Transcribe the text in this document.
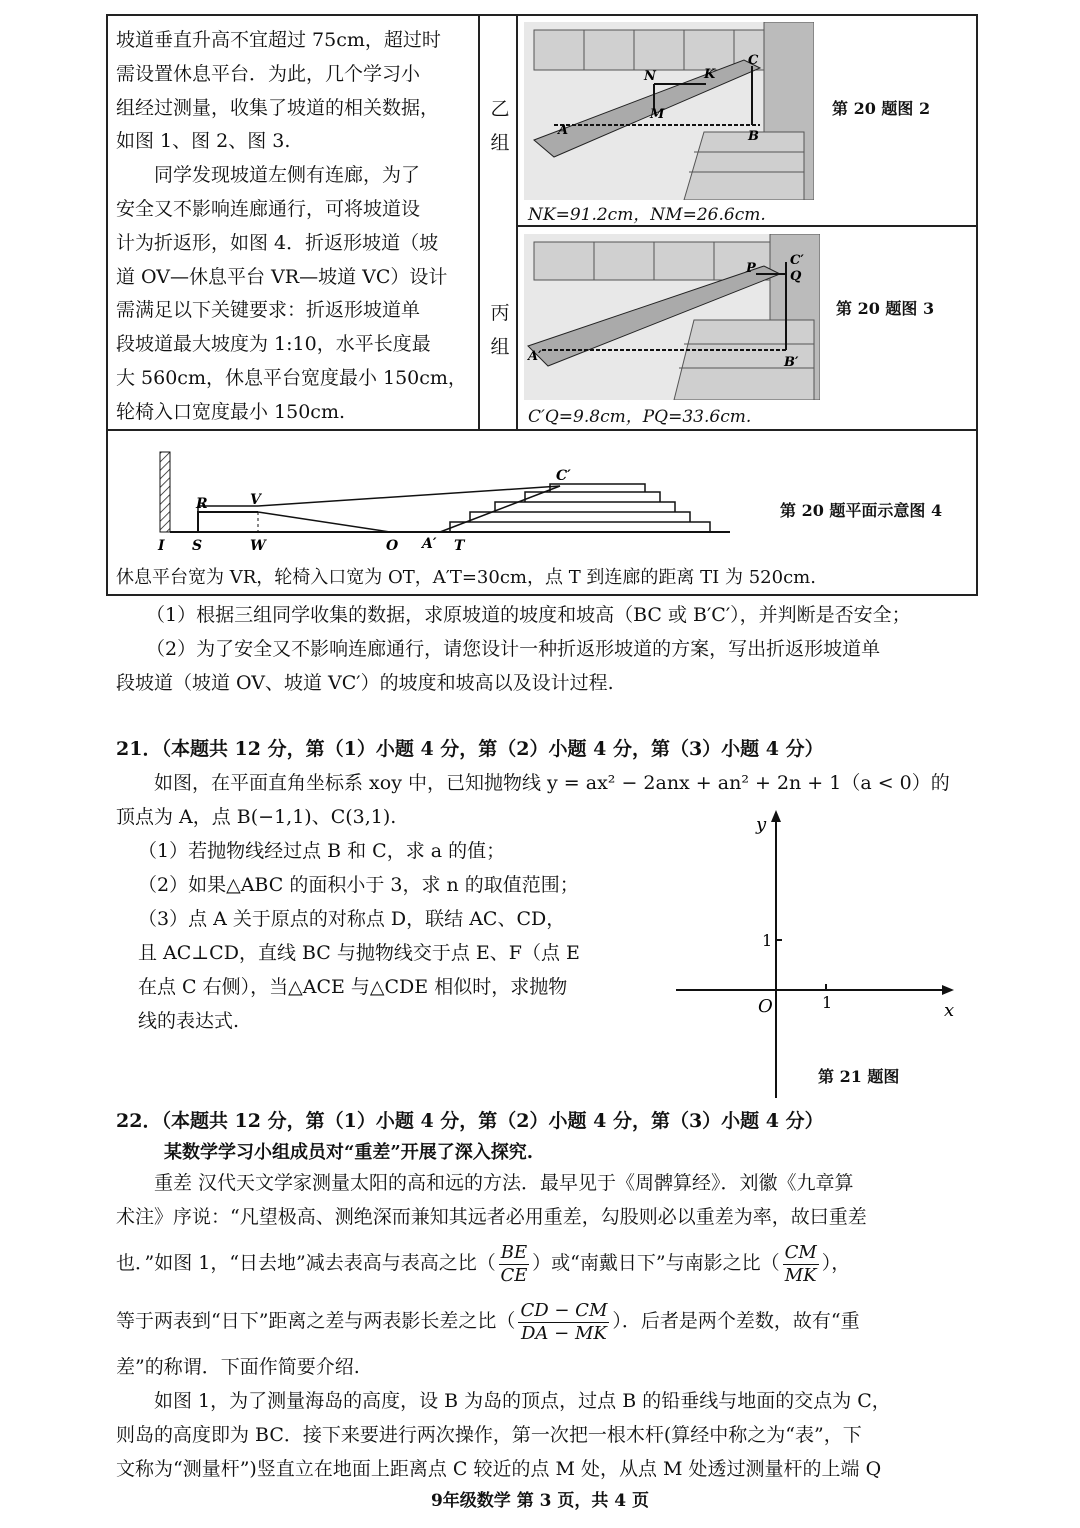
坡道垂直升高不宜超过 75cm，超过时
需设置休息平台．为此，几个学习小
组经过测量，收集了坡道的相关数据，
如图 1、图 2、图 3.
　　同学发现坡道左侧有连廊，为了
安全又不影响连廊通行，可将坡道设
计为折返形，如图 4．折返形坡道（坡
道 OV—休息平台 VR—坡道 VC）设计
需满足以下关键要求：折返形坡道单
段坡道最大坡度为 1:10，水平长度最
大 560cm，休息平台宽度最小 150cm，
轮椅入口宽度最小 150cm.
乙
组
丙
组
N	K
C
M
A	B
第 20 题图 2
NK=91.2cm，NM=26.6cm.
P
C′
Q
A′	B′
第 20 题图 3
C′Q=9.8cm，PQ=33.6cm.
C′
R	V
I S	W	O A′ T
第 20 题平面示意图 4
休息平台宽为 VR，轮椅入口宽为 OT，A′T=30cm，点 T 到连廊的距离 TI 为 520cm.
（1）根据三组同学收集的数据，求原坡道的坡度和坡高（BC 或 B′C′），并判断是否安全；
（2）为了安全又不影响连廊通行，请您设计一种折返形坡道的方案，写出折返形坡道单
段坡道（坡道 OV、坡道 VC′）的坡度和坡高以及设计过程.
21．（本题共 12 分，第（1）小题 4 分，第（2）小题 4 分，第（3）小题 4 分）
　　如图，在平面直角坐标系 xoy 中，已知抛物线 y = ax² − 2anx + an² + 2n + 1（a < 0）的
顶点为 A，点 B(−1,1)、C(3,1).
（1）若抛物线经过点 B 和 C，求 a 的值；
（2）如果△ABC 的面积小于 3，求 n 的取值范围；
（3）点 A 关于原点的对称点 D，联结 AC、CD，
且 AC⊥CD，直线 BC 与抛物线交于点 E、F（点 E
在点 C 右侧），当△ACE 与△CDE 相似时，求抛物
线的表达式.
y
x
O
1
1
第 21 题图
22．（本题共 12 分，第（1）小题 4 分，第（2）小题 4 分，第（3）小题 4 分）
某数学学习小组成员对“重差”开展了深入探究.
　　重差 汉代天文学家测量太阳的高和远的方法．最早见于《周髀算经》．刘徽《九章算
术注》序说：“凡望极高、测绝深而兼知其远者必用重差，勾股则必以重差为率，故曰重差
也．”如图 1，“日去地”减去表高与表高之比（ $\frac{BE}{CE}$ ）或“南戴日下”与南影之比（ $\frac{CM}{MK}$ ），
等于两表到“日下”距离之差与两表影长差之比（ $\frac{CD - CM}{DA - MK}$ ）．后者是两个差数，故有“重
差”的称谓．下面作简要介绍.
　　如图 1，为了测量海岛的高度，设 B 为岛的顶点，过点 B 的铅垂线与地面的交点为 C，
则岛的高度即为 BC．接下来要进行两次操作，第一次把一根木杆(算经中称之为“表”，下
文称为“测量杆”)竖直立在地面上距离点 C 较近的点 M 处，从点 M 处透过测量杆的上端 Q
9年级数学 第 3 页，共 4 页
